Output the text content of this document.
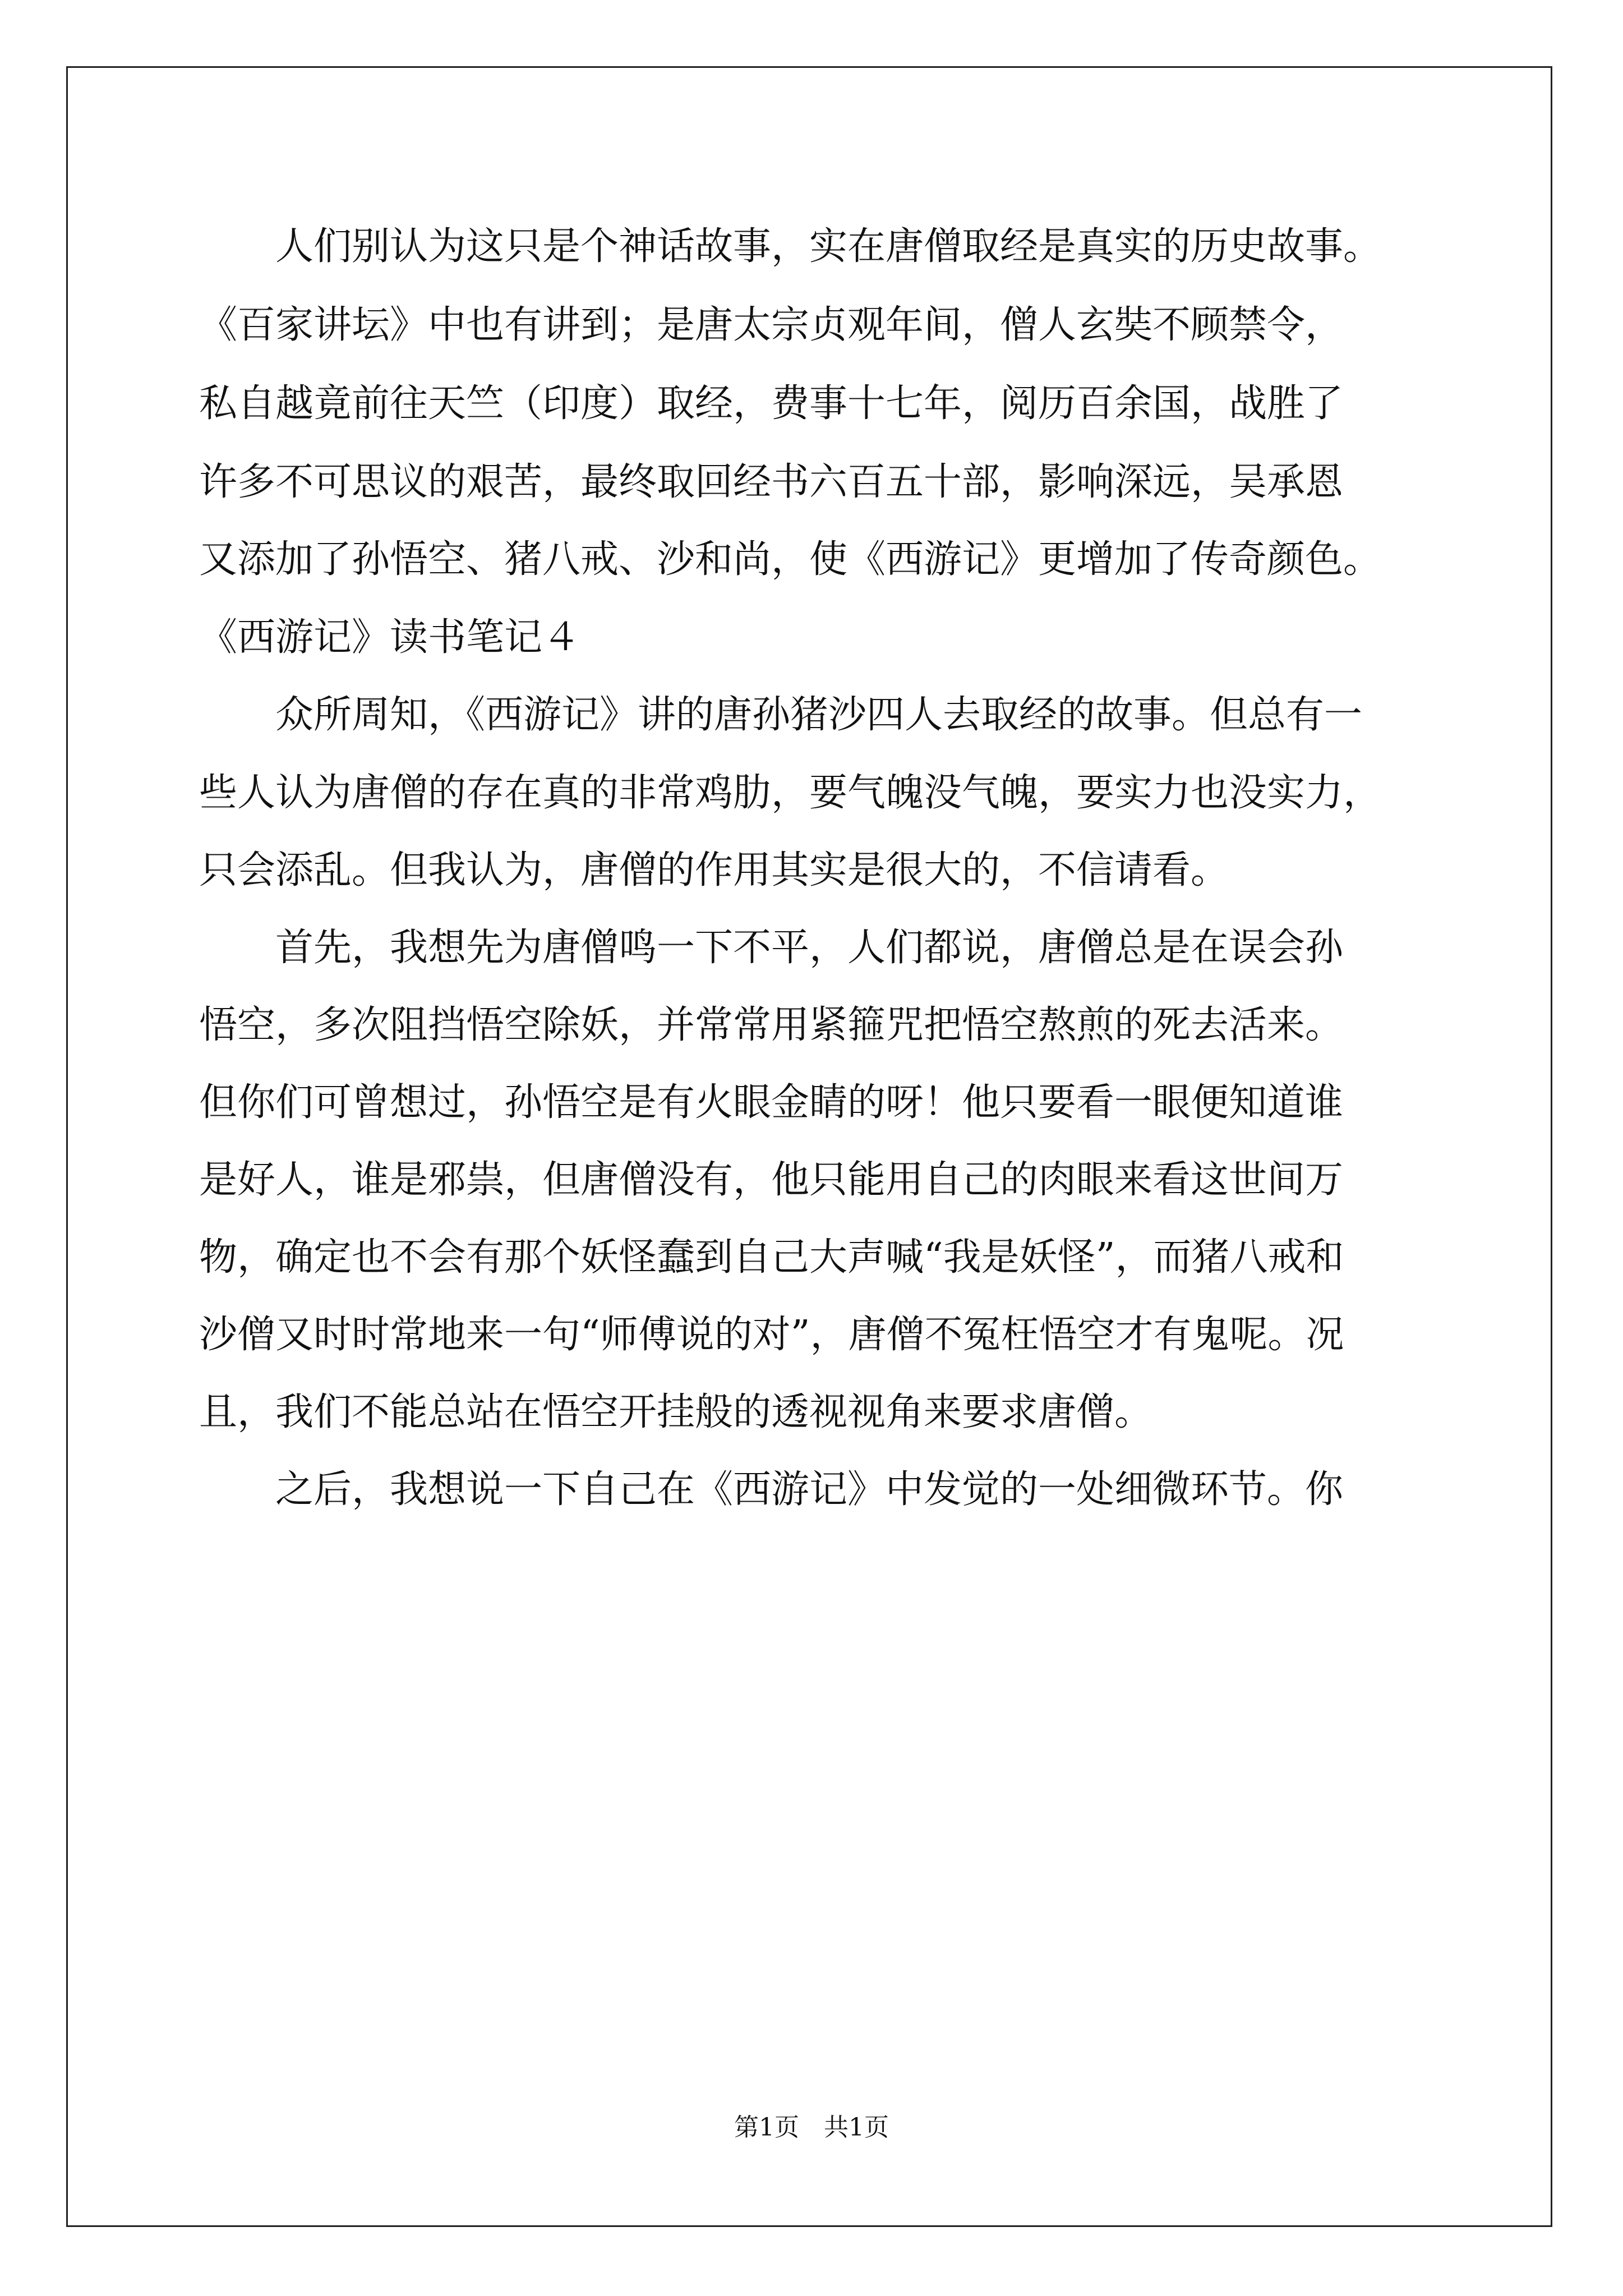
　　人们别认为这只是个神话故事，实在唐僧取经是真实的历史故事。

《百家讲坛》中也有讲到；是唐太宗贞观年间，僧人玄奘不顾禁令，

私自越竟前往天竺（印度）取经，费事十七年，阅历百余国，战胜了

许多不可思议的艰苦，最终取回经书六百五十部，影响深远，吴承恩

又添加了孙悟空、猪八戒、沙和尚，使《西游记》更增加了传奇颜色。

《西游记》读书笔记４

　　众所周知，《西游记》讲的唐孙猪沙四人去取经的故事。但总有一

些人认为唐僧的存在真的非常鸡肋，要气魄没气魄，要实力也没实力，

只会添乱。但我认为，唐僧的作用其实是很大的，不信请看。

　　首先，我想先为唐僧鸣一下不平，人们都说，唐僧总是在误会孙

悟空，多次阻挡悟空除妖，并常常用紧箍咒把悟空熬煎的死去活来。

但你们可曾想过，孙悟空是有火眼金睛的呀！他只要看一眼便知道谁

是好人，谁是邪祟，但唐僧没有，他只能用自己的肉眼来看这世间万

物，确定也不会有那个妖怪蠢到自己大声喊“我是妖怪”，而猪八戒和

沙僧又时时常地来一句“师傅说的对”，唐僧不冤枉悟空才有鬼呢。况

且，我们不能总站在悟空开挂般的透视视角来要求唐僧。

　　之后，我想说一下自己在《西游记》中发觉的一处细微环节。你

第1页　共1页
